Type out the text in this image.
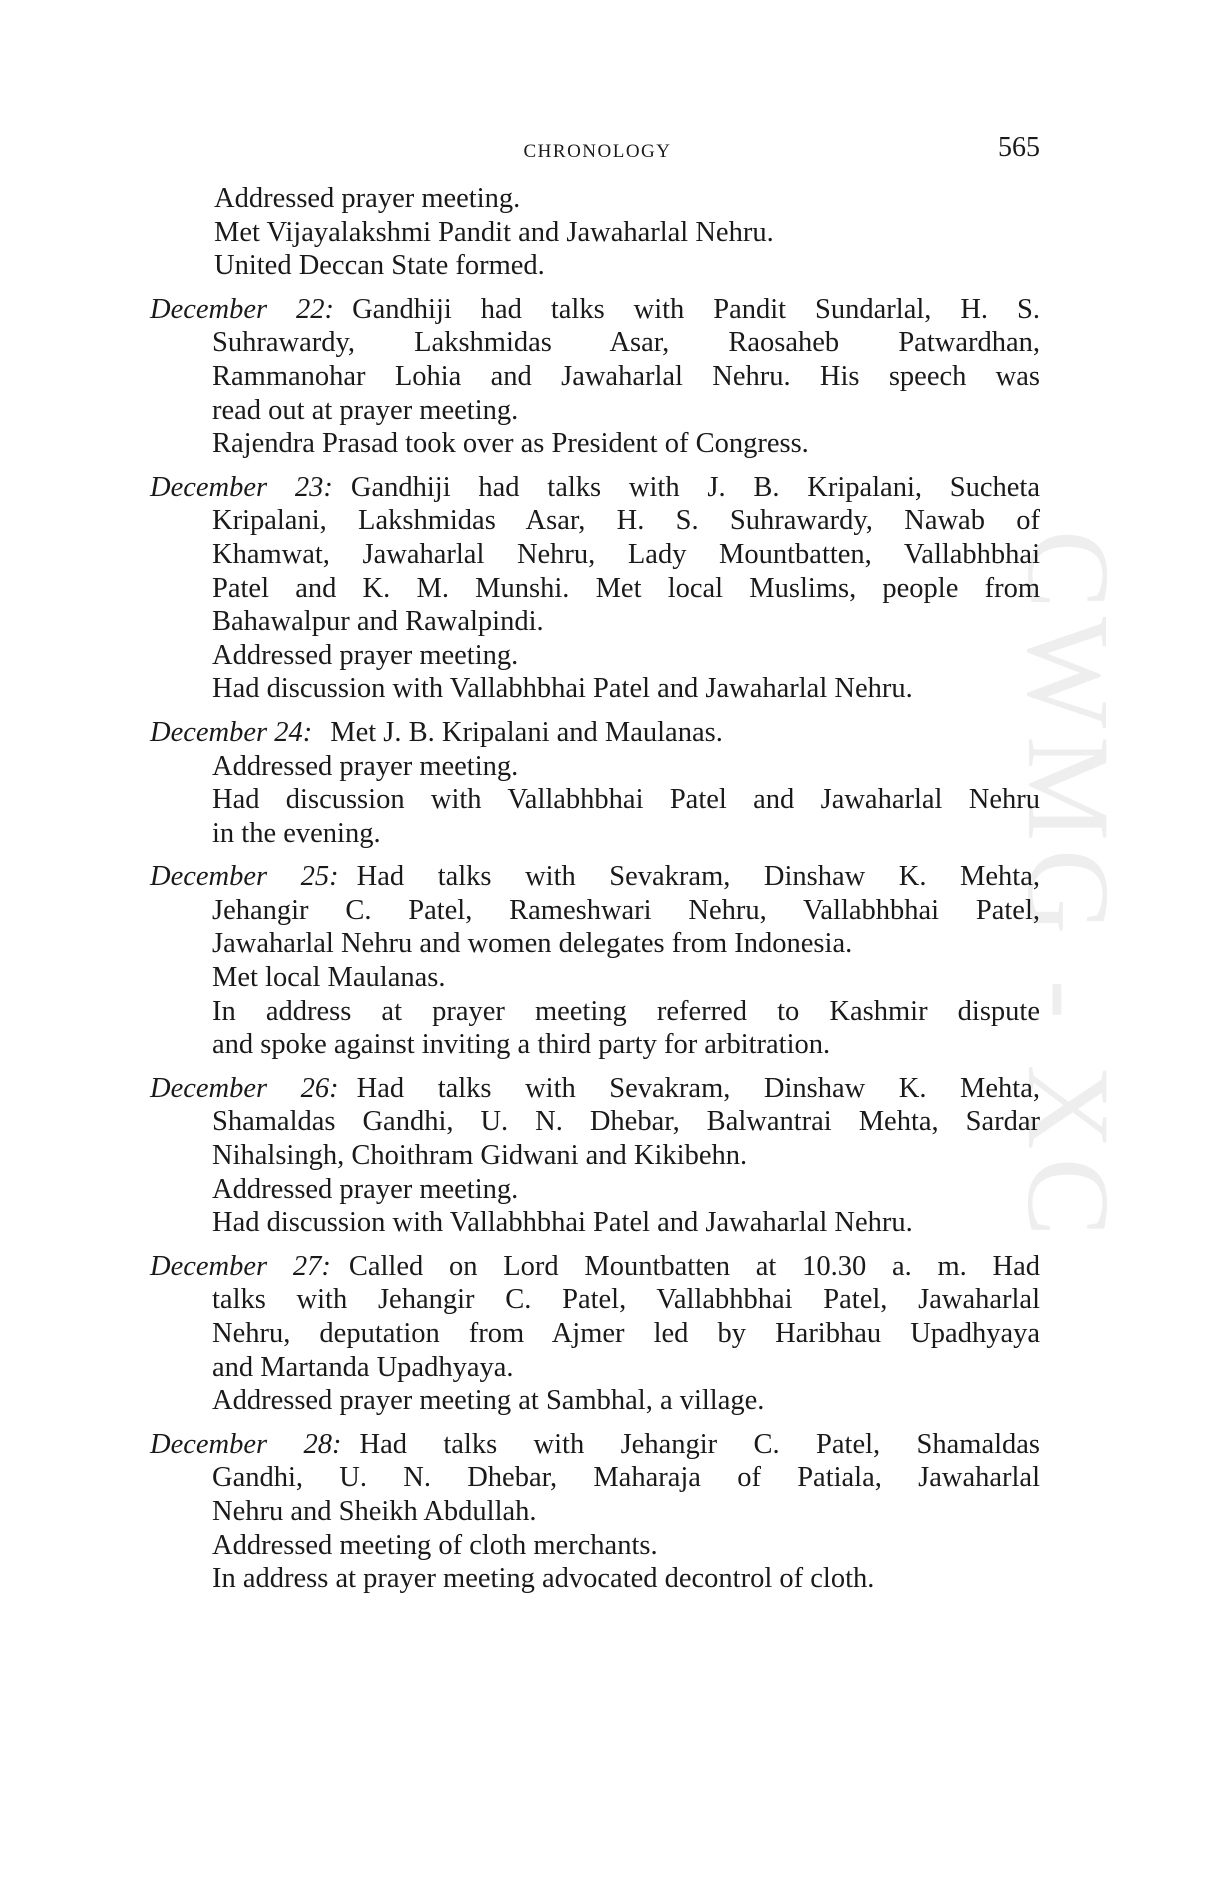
CHRONOLOGY	565
CWMG - XC
Addressed prayer meeting.
Met Vijayalakshmi Pandit and Jawaharlal Nehru.
United Deccan State formed.
December 22: Gandhiji had talks with Pandit Sundarlal, H. S.
Suhrawardy, Lakshmidas Asar, Raosaheb Patwardhan,
Rammanohar Lohia and Jawaharlal Nehru. His speech was
read out at prayer meeting.
Rajendra Prasad took over as President of Congress.
December 23: Gandhiji had talks with J. B. Kripalani, Sucheta
Kripalani, Lakshmidas Asar, H. S. Suhrawardy, Nawab of
Khamwat, Jawaharlal Nehru, Lady Mountbatten, Vallabhbhai
Patel and K. M. Munshi. Met local Muslims, people from
Bahawalpur and Rawalpindi.
Addressed prayer meeting.
Had discussion with Vallabhbhai Patel and Jawaharlal Nehru.
December 24: Met J. B. Kripalani and Maulanas.
Addressed prayer meeting.
Had discussion with Vallabhbhai Patel and Jawaharlal Nehru
in the evening.
December 25: Had talks with Sevakram, Dinshaw K. Mehta,
Jehangir C. Patel, Rameshwari Nehru, Vallabhbhai Patel,
Jawaharlal Nehru and women delegates from Indonesia.
Met local Maulanas.
In address at prayer meeting referred to Kashmir dispute
and spoke against inviting a third party for arbitration.
December 26: Had talks with Sevakram, Dinshaw K. Mehta,
Shamaldas Gandhi, U. N. Dhebar, Balwantrai Mehta, Sardar
Nihalsingh, Choithram Gidwani and Kikibehn.
Addressed prayer meeting.
Had discussion with Vallabhbhai Patel and Jawaharlal Nehru.
December 27: Called on Lord Mountbatten at 10.30 a. m. Had
talks with Jehangir C. Patel, Vallabhbhai Patel, Jawaharlal
Nehru, deputation from Ajmer led by Haribhau Upadhyaya
and Martanda Upadhyaya.
Addressed prayer meeting at Sambhal, a village.
December 28: Had talks with Jehangir C. Patel, Shamaldas
Gandhi, U. N. Dhebar, Maharaja of Patiala, Jawaharlal
Nehru and Sheikh Abdullah.
Addressed meeting of cloth merchants.
In address at prayer meeting advocated decontrol of cloth.
